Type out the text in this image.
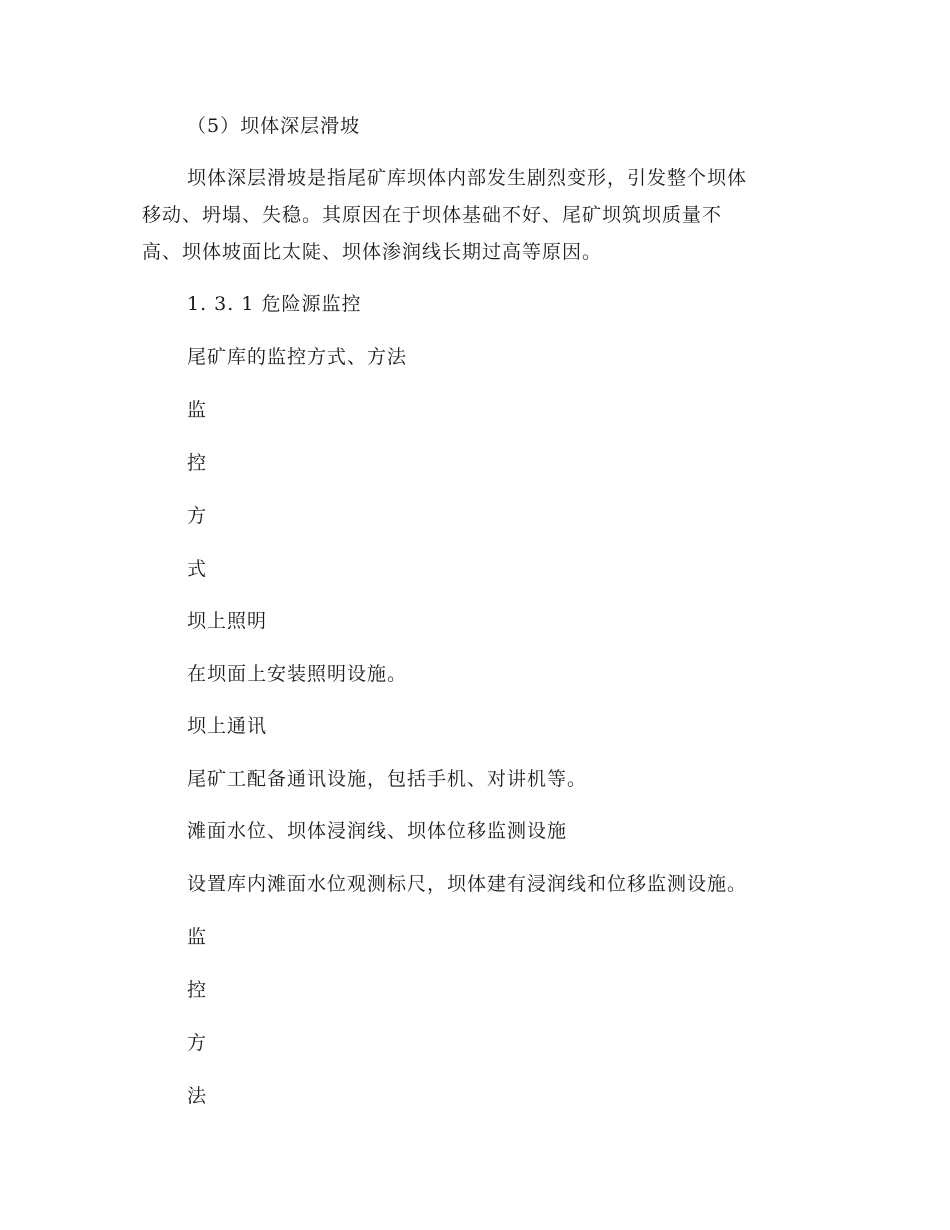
（5）坝体深层滑坡

坝体深层滑坡是指尾矿库坝体内部发生剧烈变形，引发整个坝体

移动、坍塌、失稳。其原因在于坝体基础不好、尾矿坝筑坝质量不

高、坝体坡面比太陡、坝体渗润线长期过高等原因。

1. 3. 1 危险源监控

尾矿库的监控方式、方法

监

控

方

式

坝上照明

在坝面上安装照明设施。

坝上通讯

尾矿工配备通讯设施，包括手机、对讲机等。

滩面水位、坝体浸润线、坝体位移监测设施

设置库内滩面水位观测标尺，坝体建有浸润线和位移监测设施。

监

控

方

法
